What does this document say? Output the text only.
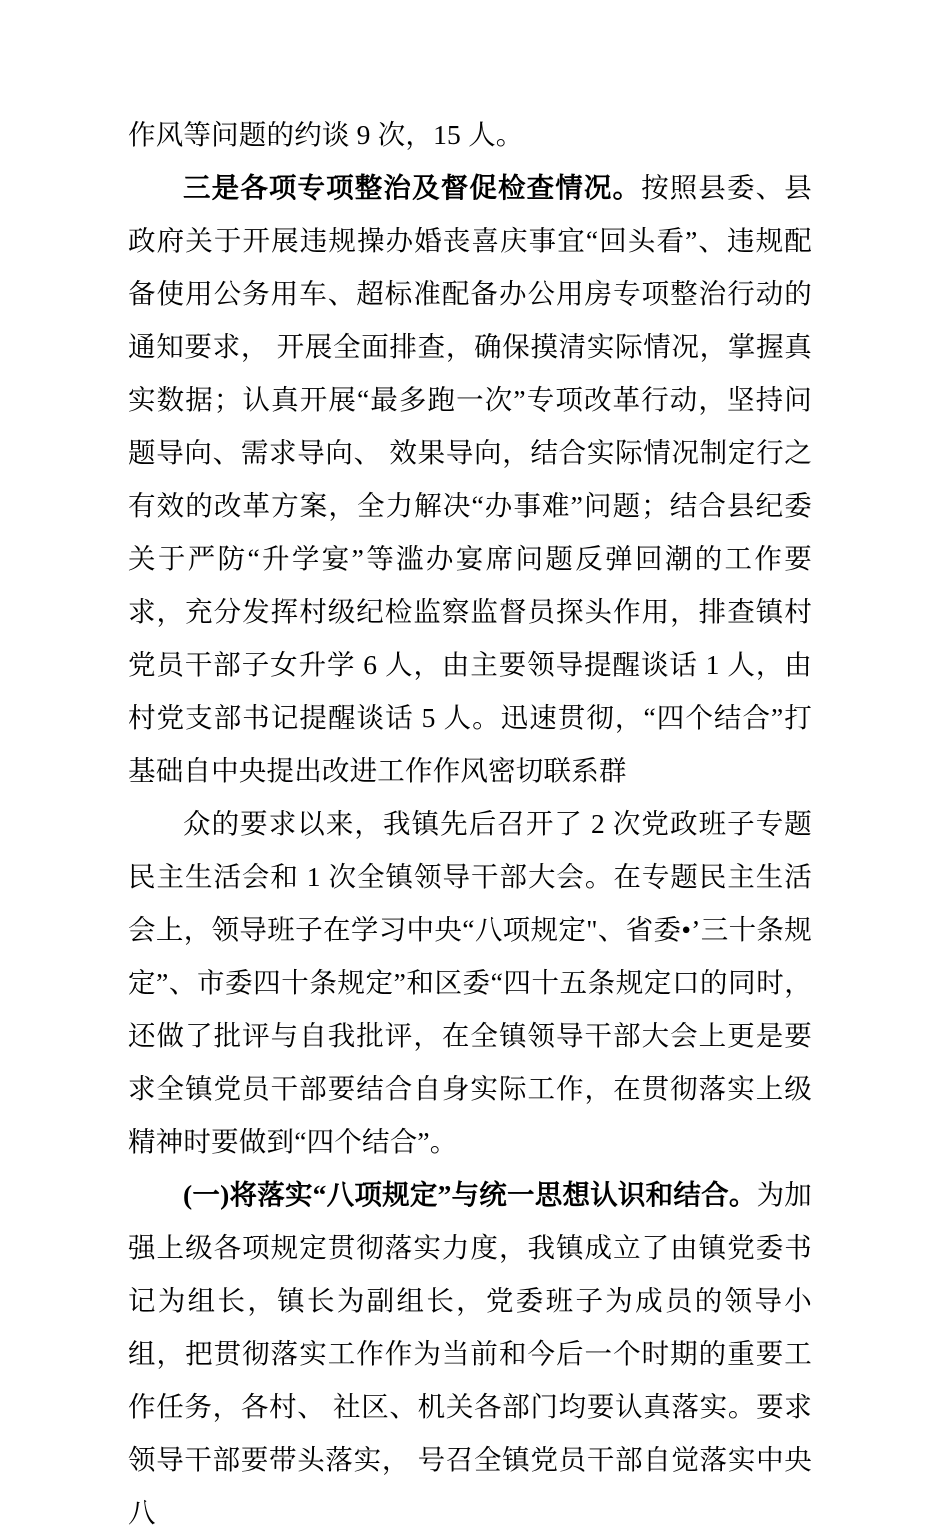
作风等问题的约谈 9 次，15 人。

三是各项专项整治及督促检查情况。按照县委、县政府关于开展违规操办婚丧喜庆事宜“回头看”、违规配备使用公务用车、超标准配备办公用房专项整治行动的通知要求， 开展全面排查，确保摸清实际情况，掌握真实数据；认真开展“最多跑一次”专项改革行动，坚持问题导向、需求导向、 效果导向，结合实际情况制定行之有效的改革方案，全力解决“办事难”问题；结合县纪委关于严防“升学宴”等滥办宴席问题反弹回潮的工作要求，充分发挥村级纪检监察监督员探头作用，排查镇村党员干部子女升学 6 人，由主要领导提醒谈话 1 人，由村党支部书记提醒谈话 5 人。迅速贯彻，“四个结合”打基础自中央提出改进工作作风密切联系群

众的要求以来，我镇先后召开了 2 次党政班子专题民主生活会和 1 次全镇领导干部大会。在专题民主生活会上，领导班子在学习中央“八项规定"、省委•’三十条规定”、市委四十条规定”和区委“四十五条规定口的同时，还做了批评与自我批评，在全镇领导干部大会上更是要求全镇党员干部要结合自身实际工作，在贯彻落实上级精神时要做到“四个结合”。

(一)将落实“八项规定”与统一思想认识和结合。为加强上级各项规定贯彻落实力度，我镇成立了由镇党委书记为组长，镇长为副组长，党委班子为成员的领导小组，把贯彻落实工作作为当前和今后一个时期的重要工作任务，各村、 社区、机关各部门均要认真落实。要求领导干部要带头落实， 号召全镇党员干部自觉落实中央八
